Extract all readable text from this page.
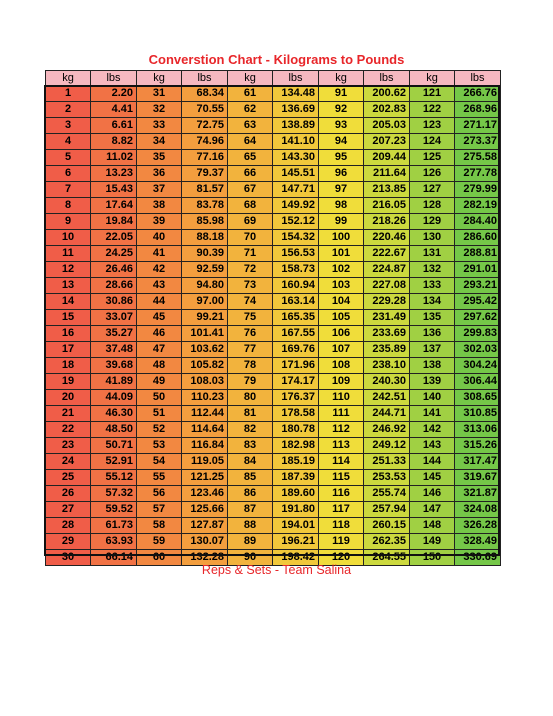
Converstion Chart - Kilograms to Pounds
kg	lbs	kg	lbs	kg	lbs	kg	lbs	kg	lbs
1	2.20	31	68.34	61	134.48	91	200.62	121	266.76
2	4.41	32	70.55	62	136.69	92	202.83	122	268.96
3	6.61	33	72.75	63	138.89	93	205.03	123	271.17
4	8.82	34	74.96	64	141.10	94	207.23	124	273.37
5	11.02	35	77.16	65	143.30	95	209.44	125	275.58
6	13.23	36	79.37	66	145.51	96	211.64	126	277.78
7	15.43	37	81.57	67	147.71	97	213.85	127	279.99
8	17.64	38	83.78	68	149.92	98	216.05	128	282.19
9	19.84	39	85.98	69	152.12	99	218.26	129	284.40
10	22.05	40	88.18	70	154.32	100	220.46	130	286.60
11	24.25	41	90.39	71	156.53	101	222.67	131	288.81
12	26.46	42	92.59	72	158.73	102	224.87	132	291.01
13	28.66	43	94.80	73	160.94	103	227.08	133	293.21
14	30.86	44	97.00	74	163.14	104	229.28	134	295.42
15	33.07	45	99.21	75	165.35	105	231.49	135	297.62
16	35.27	46	101.41	76	167.55	106	233.69	136	299.83
17	37.48	47	103.62	77	169.76	107	235.89	137	302.03
18	39.68	48	105.82	78	171.96	108	238.10	138	304.24
19	41.89	49	108.03	79	174.17	109	240.30	139	306.44
20	44.09	50	110.23	80	176.37	110	242.51	140	308.65
21	46.30	51	112.44	81	178.58	111	244.71	141	310.85
22	48.50	52	114.64	82	180.78	112	246.92	142	313.06
23	50.71	53	116.84	83	182.98	113	249.12	143	315.26
24	52.91	54	119.05	84	185.19	114	251.33	144	317.47
25	55.12	55	121.25	85	187.39	115	253.53	145	319.67
26	57.32	56	123.46	86	189.60	116	255.74	146	321.87
27	59.52	57	125.66	87	191.80	117	257.94	147	324.08
28	61.73	58	127.87	88	194.01	118	260.15	148	326.28
29	63.93	59	130.07	89	196.21	119	262.35	149	328.49
30	66.14	60	132.28	90	198.42	120	264.55	150	330.69
Reps & Sets - Team Salina
